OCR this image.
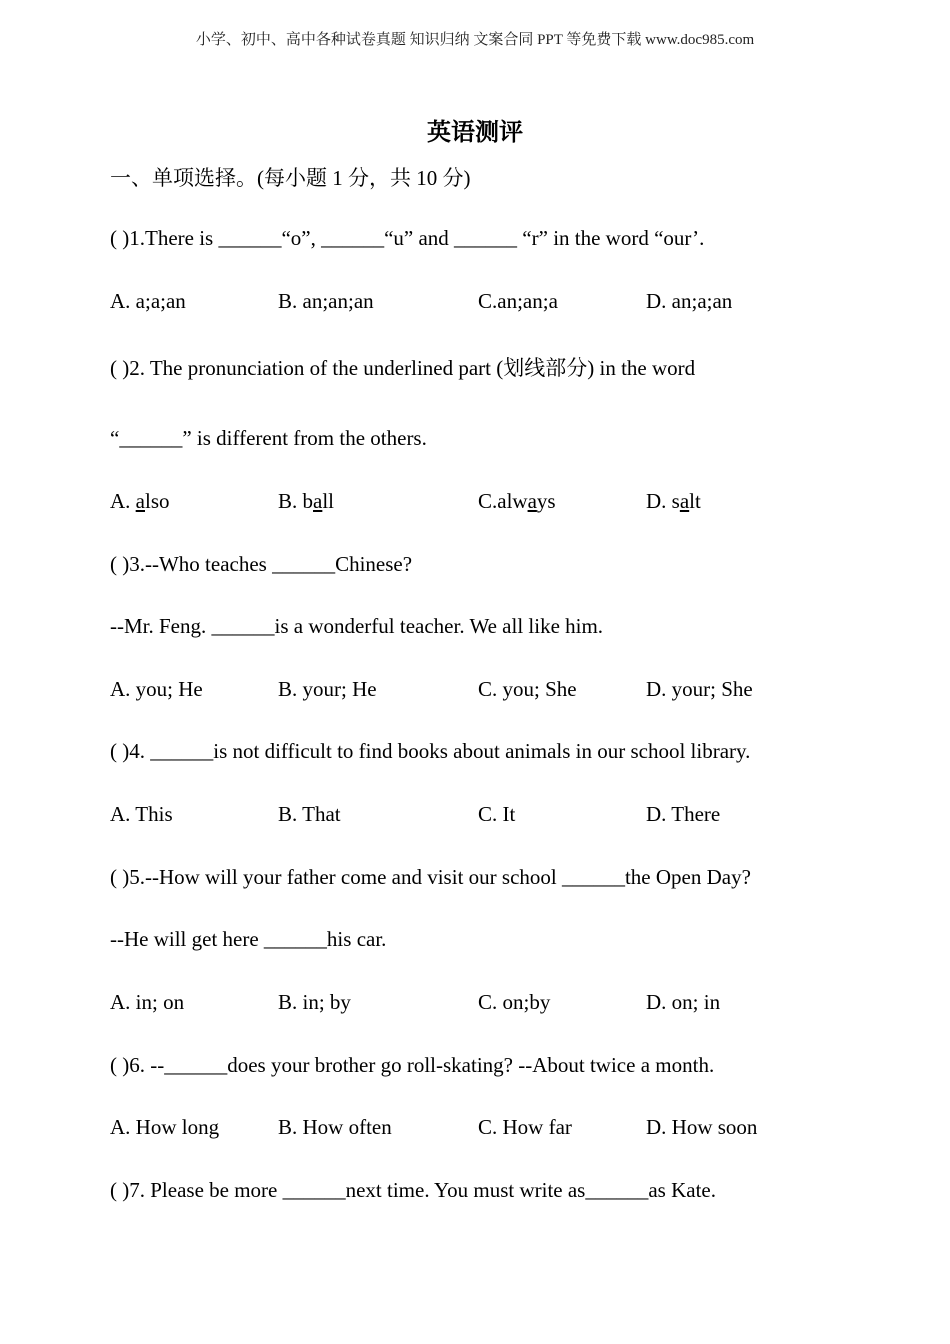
小学、初中、高中各种试卷真题 知识归纳 文案合同 PPT 等免费下载 www.doc985.com
英语测评
一、单项选择。(每小题 1 分，共 10 分)
( )1.There is ______“o”, ______“u” and ______ “r” in the word “our’.
A. a;a;an	B. an;an;an	C.an;an;a	D. an;a;an
( )2. The pronunciation of the underlined part (划线部分) in the word
“______” is different from the others.
A. also	B. ball	C.always	D. salt
( )3.--Who teaches ______Chinese?
--Mr. Feng. ______is a wonderful teacher. We all like him.
A. you; He	B. your; He	C. you; She	D. your; She
( )4. ______is not difficult to find books about animals in our school library.
A. This	B. That	C. It	D. There
( )5.--How will your father come and visit our school ______the Open Day?
--He will get here ______his car.
A. in; on	B. in; by	C. on;by	D. on; in
( )6. --______does your brother go roll-skating? --About twice a month.
A. How long	B. How often	C. How far	D. How soon
( )7. Please be more ______next time. You must write as______as Kate.
